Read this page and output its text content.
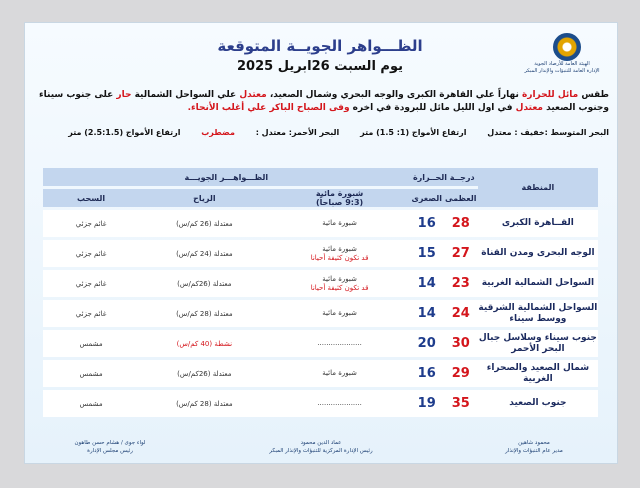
الهيئة العامة للأرصاد الجوية
الإدارة العامة للتنبؤات والإنذار المبكر
الظـــواهر الجويــة المتوقعة
يوم السبت 26ابريل 2025
طقس مائل للحرارة نهاراً علي القاهرة الكبرى والوجه البحري وشمال الصعيد، معتدل علي السواحل الشمالية حار على جنوب سيناء وجنوب الصعيد معتدل في اول الليل مائل للبرودة في اخره وفى الصباح الباكر علي أغلب الأنحاء.
البحر المتوسط :خفيف : معتدل ارتفاع الأمواج (1: 1.5) متر البحر الأحمر: معتدل : مضطرب ارتفاع الأمواج (2.5:1.5) متر
المنطقة	درجــة الحــرارة		الظـــواهـــر الجويـــة		
	العظمى	الصغرى	شبورة مائية
(9:3 صباحاً)	الرياح	السحب
القــاهرة الكبرى	28	16	شبورة مائية	معتدلة (26 كم/س)	غائم جزئي
الوجه البحرى ومدن القناة	27	15	شبورة مائية
قد تكون كثيفة أحيانا	معتدلة (24 كم/س)	غائم جزئي
السواحل الشمالية الغربية	23	14	شبورة مائية
قد تكون كثيفة أحيانا	معتدلة (26كم/س)	غائم جزئي
السواحل الشمالية الشرقية ووسط سيناء	24	14	شبورة مائية	معتدلة (28 كم/س)	غائم جزئي
جنوب سيناء وسلاسل جبال البحر الأحمر	30	20	....................	نشطة (40 كم/س)	مشمس
شمال الصعيد والصحراء الغربية	29	16	شبورة مائية	معتدلة (26كم/س)	مشمس
جنوب الصعيد	35	19	....................	معتدلة (28 كم/س)	مشمس
محمود شاهين
مدير عام التنبؤات والإنذار
عماد الدين محمود
رئيس الإدارة المركزية للتنبؤات والإنذار المبكر
لواء جوى / هشام حسن طاهون
رئيس مجلس الإدارة
